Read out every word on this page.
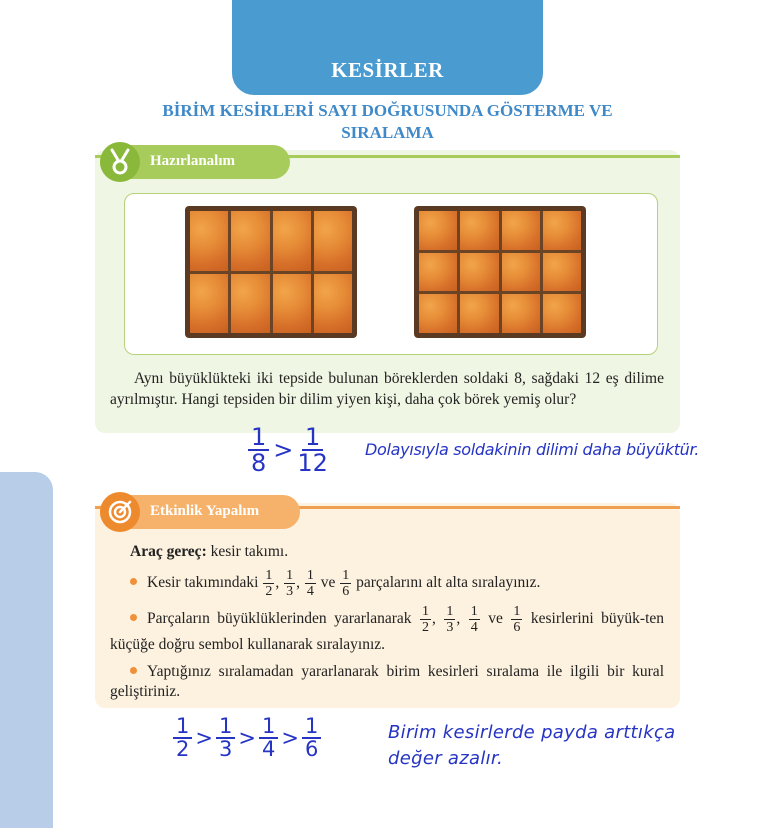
KESİRLER
BİRİM KESİRLERİ SAYI DOĞRUSUNDA GÖSTERME VE
SIRALAMA
Hazırlanalım
Aynı büyüklükteki iki tepside bulunan böreklerden soldaki 8, sağdaki 12 eş dilime ayrılmıştır. Hangi tepsiden bir dilim yiyen kişi, daha çok börek yemiş olur?
$\frac{1}{8} > \frac{1}{12}$ Dolayısıyla soldakinin dilimi daha büyüktür.
Etkinlik Yapalım
Araç gereç: kesir takımı.
Kesir takımındaki $\frac{1}{2}$ , $\frac{1}{3}$ , $\frac{1}{4}$ ve $\frac{1}{6}$ parçalarını alt alta sıralayınız.
Parçaların büyüklüklerinden yararlanarak $\frac{1}{2}$ , $\frac{1}{3}$ , $\frac{1}{4}$ ve $\frac{1}{6}$ kesirlerini büyük-ten küçüğe doğru sembol kullanarak sıralayınız.
Yaptığınız sıralamadan yararlanarak birim kesirleri sıralama ile ilgili bir kural geliştiriniz.
$\frac{1}{2} > \frac{1}{3} > \frac{1}{4} > \frac{1}{6}$	Birim kesirlerde payda arttıkça
değer azalır.
